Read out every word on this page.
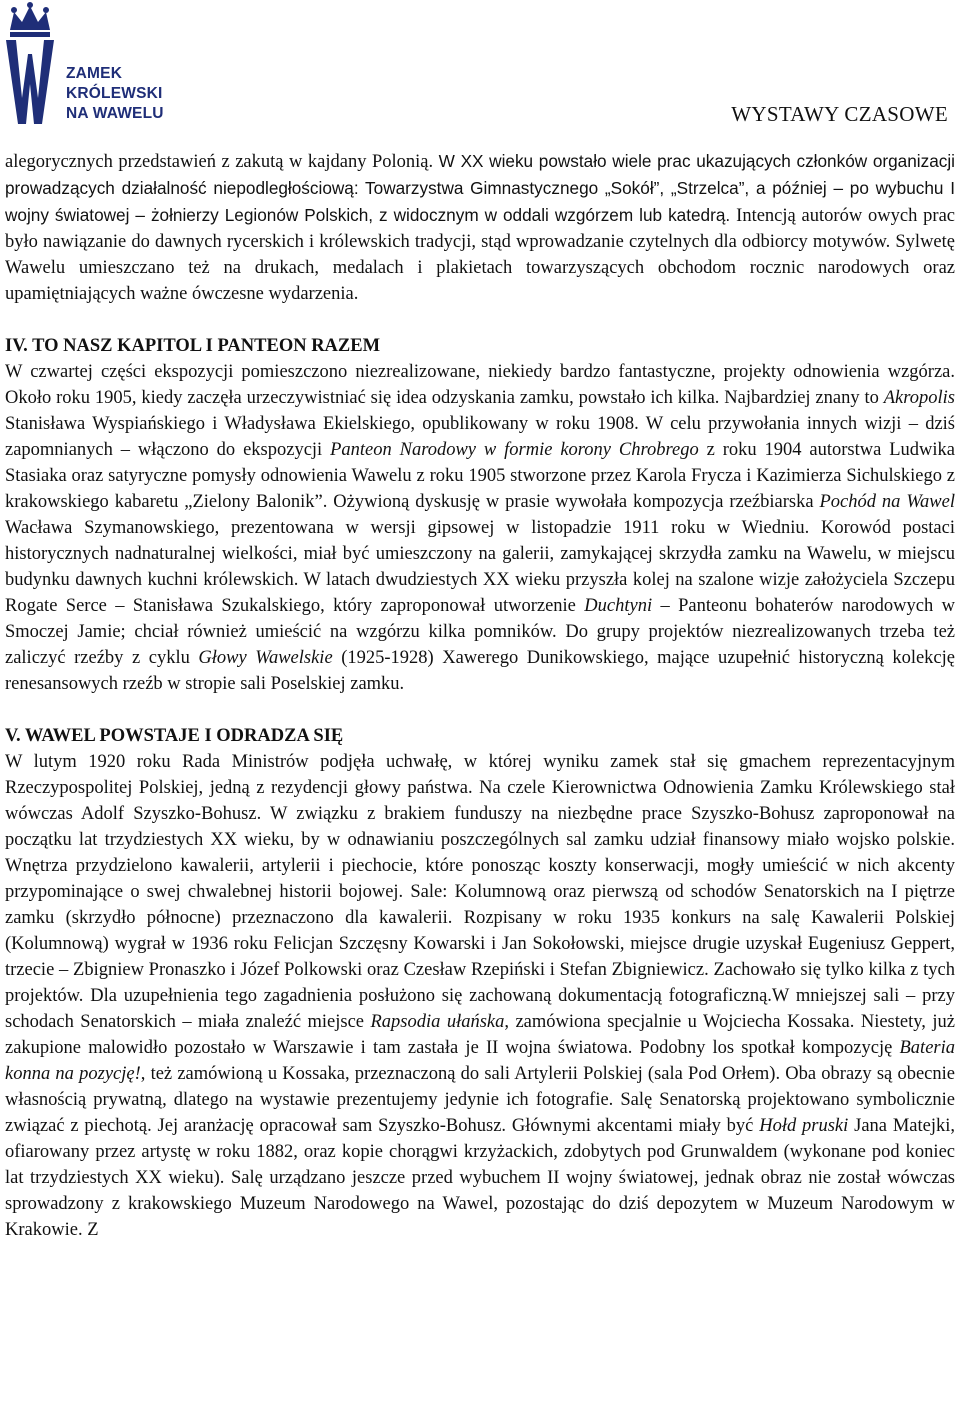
ZAMEK
KRÓLEWSKI
NA WAWELU	WYSTAWY CZASOWE

alegorycznych przedstawień z zakutą w kajdany Polonią. W XX wieku powstało wiele prac ukazujących członków organizacji prowadzących działalność niepodległościową: Towarzystwa Gimnastycznego „Sokół”, „Strzelca”, a później – po wybuchu I wojny światowej – żołnierzy Legionów Polskich, z widocznym w oddali wzgórzem lub katedrą. Intencją autorów owych prac było nawiązanie do dawnych rycerskich i królewskich tradycji, stąd wprowadzanie czytelnych dla odbiorcy motywów. Sylwetę Wawelu umieszczano też na drukach, medalach i plakietach towarzyszących obchodom rocznic narodowych oraz upamiętniających ważne ówczesne wydarzenia.

IV. TO NASZ KAPITOL I PANTEON RAZEM

W czwartej części ekspozycji pomieszczono niezrealizowane, niekiedy bardzo fantastyczne, projekty odnowienia wzgórza. Około roku 1905, kiedy zaczęła urzeczywistniać się idea odzyskania zamku, powstało ich kilka. Najbardziej znany to Akropolis Stanisława Wyspiańskiego i Władysława Ekielskiego, opublikowany w roku 1908. W celu przywołania innych wizji – dziś zapomnianych – włączono do ekspozycji Panteon Narodowy w formie korony Chrobrego z roku 1904 autorstwa Ludwika Stasiaka oraz satyryczne pomysły odnowienia Wawelu z roku 1905 stworzone przez Karola Frycza i Kazimierza Sichulskiego z krakowskiego kabaretu „Zielony Balonik”. Ożywioną dyskusję w prasie wywołała kompozycja rzeźbiarska Pochód na Wawel Wacława Szymanowskiego, prezentowana w wersji gipsowej w listopadzie 1911 roku w Wiedniu. Korowód postaci historycznych nadnaturalnej wielkości, miał być umieszczony na galerii, zamykającej skrzydła zamku na Wawelu, w miejscu budynku dawnych kuchni królewskich. W latach dwudziestych XX wieku przyszła kolej na szalone wizje założyciela Szczepu Rogate Serce – Stanisława Szukalskiego, który zaproponował utworzenie Duchtyni – Panteonu bohaterów narodowych w Smoczej Jamie; chciał również umieścić na wzgórzu kilka pomników. Do grupy projektów niezrealizowanych trzeba też zaliczyć rzeźby z cyklu Głowy Wawelskie (1925-1928) Xawerego Dunikowskiego, mające uzupełnić historyczną kolekcję renesansowych rzeźb w stropie sali Poselskiej zamku.

V. WAWEL POWSTAJE I ODRADZA SIĘ

W lutym 1920 roku Rada Ministrów podjęła uchwałę, w której wyniku zamek stał się gmachem reprezentacyjnym Rzeczypospolitej Polskiej, jedną z rezydencji głowy państwa. Na czele Kierownictwa Odnowienia Zamku Królewskiego stał wówczas Adolf Szyszko-Bohusz. W związku z brakiem funduszy na niezbędne prace Szyszko-Bohusz zaproponował na początku lat trzydziestych XX wieku, by w odnawianiu poszczególnych sal zamku udział finansowy miało wojsko polskie. Wnętrza przydzielono kawalerii, artylerii i piechocie, które ponosząc koszty konserwacji, mogły umieścić w nich akcenty przypominające o swej chwalebnej historii bojowej. Sale: Kolumnową oraz pierwszą od schodów Senatorskich na I piętrze zamku (skrzydło północne) przeznaczono dla kawalerii. Rozpisany w roku 1935 konkurs na salę Kawalerii Polskiej (Kolumnową) wygrał w 1936 roku Felicjan Szczęsny Kowarski i Jan Sokołowski, miejsce drugie uzyskał Eugeniusz Geppert, trzecie – Zbigniew Pronaszko i Józef Polkowski oraz Czesław Rzepiński i Stefan Zbigniewicz. Zachowało się tylko kilka z tych projektów. Dla uzupełnienia tego zagadnienia posłużono się zachowaną dokumentacją fotograficzną.W mniejszej sali – przy schodach Senatorskich – miała znaleźć miejsce Rapsodia ułańska, zamówiona specjalnie u Wojciecha Kossaka. Niestety, już zakupione malowidło pozostało w Warszawie i tam zastała je II wojna światowa. Podobny los spotkał kompozycję Bateria konna na pozycję!, też zamówioną u Kossaka, przeznaczoną do sali Artylerii Polskiej (sala Pod Orłem). Oba obrazy są obecnie własnością prywatną, dlatego na wystawie prezentujemy jedynie ich fotografie. Salę Senatorską projektowano symbolicznie związać z piechotą. Jej aranżację opracował sam Szyszko-Bohusz. Głównymi akcentami miały być Hołd pruski Jana Matejki, ofiarowany przez artystę w roku 1882, oraz kopie chorągwi krzyżackich, zdobytych pod Grunwaldem (wykonane pod koniec lat trzydziestych XX wieku). Salę urządzano jeszcze przed wybuchem II wojny światowej, jednak obraz nie został wówczas sprowadzony z krakowskiego Muzeum Narodowego na Wawel, pozostając do dziś depozytem w Muzeum Narodowym w Krakowie. Z
